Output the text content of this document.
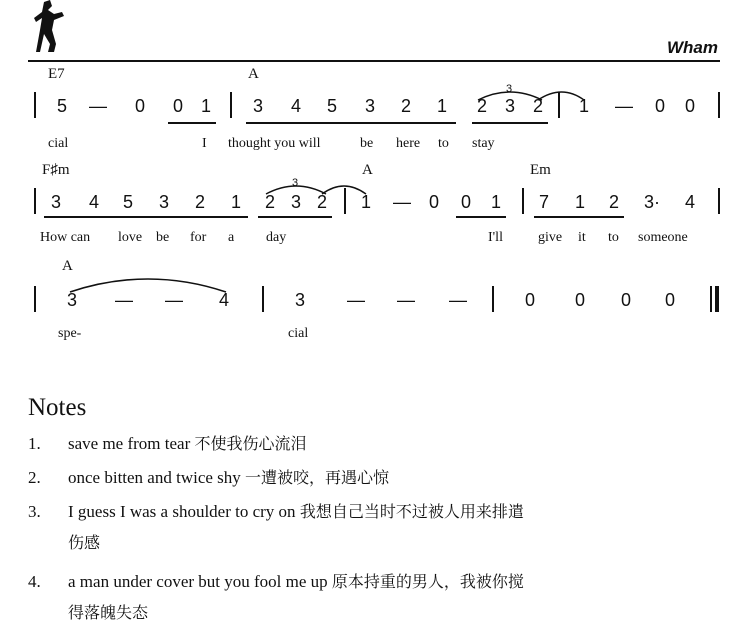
Wham
E7	A
5 — 0 0 1 3 4 5 3 2 1 2 3 2 1 — 0 0
cial	I thought you will	be here to stay
F♯m	A	Em
3 4 5 3 2 1 2 3 2 1 — 0 0 1 7 1 2 3· 4
How can love be for a day	I'll	give it to someone
A
3 — — 4	3 — — —	0 0 0 0
spe-	cial
3
3
Notes
1. save me from tear 不使我伤心流泪
2. once bitten and twice shy 一遭被咬，再遇心惊
3. I guess I was a shoulder to cry on 我想自己当时不过被人用来排遣
伤感
4. a man under cover but you fool me up 原本持重的男人，我被你搅
得落魄失态
